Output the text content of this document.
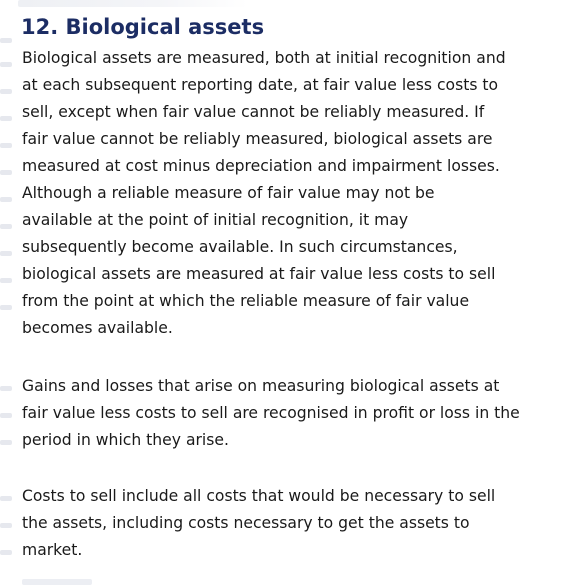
12. Biological assets

Biological assets are measured, both at initial recognition and
at each subsequent reporting date, at fair value less costs to
sell, except when fair value cannot be reliably measured. If
fair value cannot be reliably measured, biological assets are
measured at cost minus depreciation and impairment losses.
Although a reliable measure of fair value may not be
available at the point of initial recognition, it may
subsequently become available. In such circumstances,
biological assets are measured at fair value less costs to sell
from the point at which the reliable measure of fair value
becomes available.

Gains and losses that arise on measuring biological assets at
fair value less costs to sell are recognised in profit or loss in the
period in which they arise.

Costs to sell include all costs that would be necessary to sell
the assets, including costs necessary to get the assets to
market.
